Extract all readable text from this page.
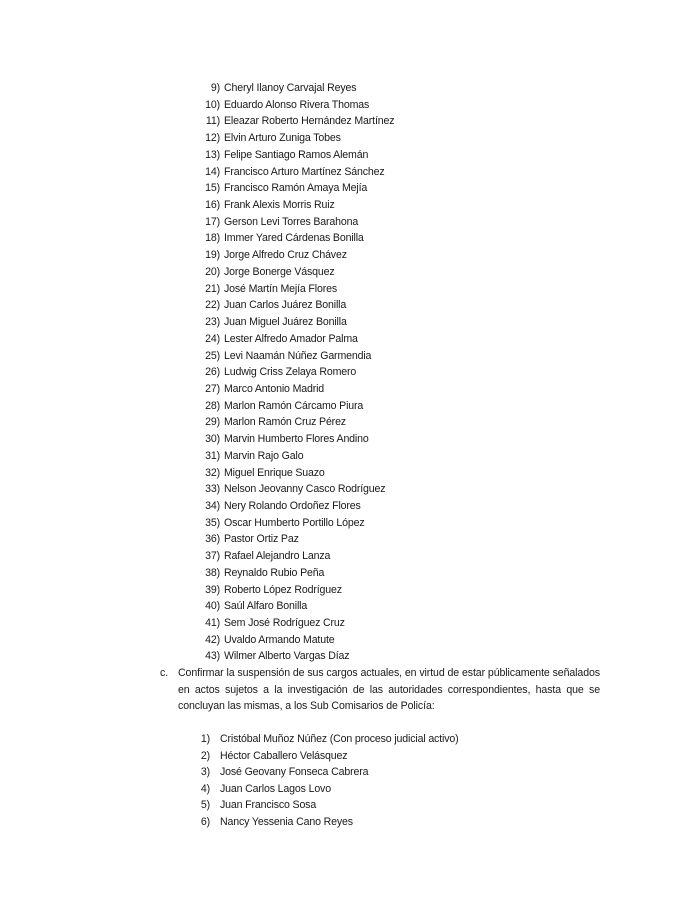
9) Cheryl Ilanoy Carvajal Reyes
10) Eduardo Alonso Rivera Thomas
11) Eleazar Roberto Hernández Martínez
12) Elvin Arturo Zuniga Tobes
13) Felipe Santiago Ramos Alemán
14) Francisco Arturo Martínez Sánchez
15) Francisco Ramón Amaya Mejía
16) Frank Alexis Morris Ruiz
17) Gerson Levi Torres Barahona
18) Immer Yared Cárdenas Bonilla
19) Jorge Alfredo Cruz Chávez
20) Jorge Bonerge Vásquez
21) José Martín Mejía Flores
22) Juan Carlos Juárez Bonilla
23) Juan Miguel Juárez Bonilla
24) Lester Alfredo Amador Palma
25) Levi Naamán Núñez Garmendia
26) Ludwig Criss Zelaya Romero
27) Marco Antonio Madrid
28) Marlon Ramón Cárcamo Piura
29) Marlon Ramón Cruz Pérez
30) Marvin Humberto Flores Andino
31) Marvin Rajo Galo
32) Miguel Enrique Suazo
33) Nelson Jeovanny Casco Rodríguez
34) Nery Rolando Ordoñez Flores
35) Oscar Humberto Portillo López
36) Pastor Ortiz Paz
37) Rafael Alejandro Lanza
38) Reynaldo Rubio Peña
39) Roberto López Rodríguez
40) Saúl Alfaro Bonilla
41) Sem José Rodríguez Cruz
42) Uvaldo Armando Matute
43) Wilmer Alberto Vargas Díaz
c. Confirmar la suspensión de sus cargos actuales, en virtud de estar públicamente señalados en actos sujetos a la investigación de las autoridades correspondientes, hasta que se concluyan las mismas, a los Sub Comisarios de Policía:
1) Cristóbal Muñoz Núñez (Con proceso judicial activo)
2) Héctor Caballero Velásquez
3) José Geovany Fonseca Cabrera
4) Juan Carlos Lagos Lovo
5) Juan Francisco Sosa
6) Nancy Yessenia Cano Reyes
